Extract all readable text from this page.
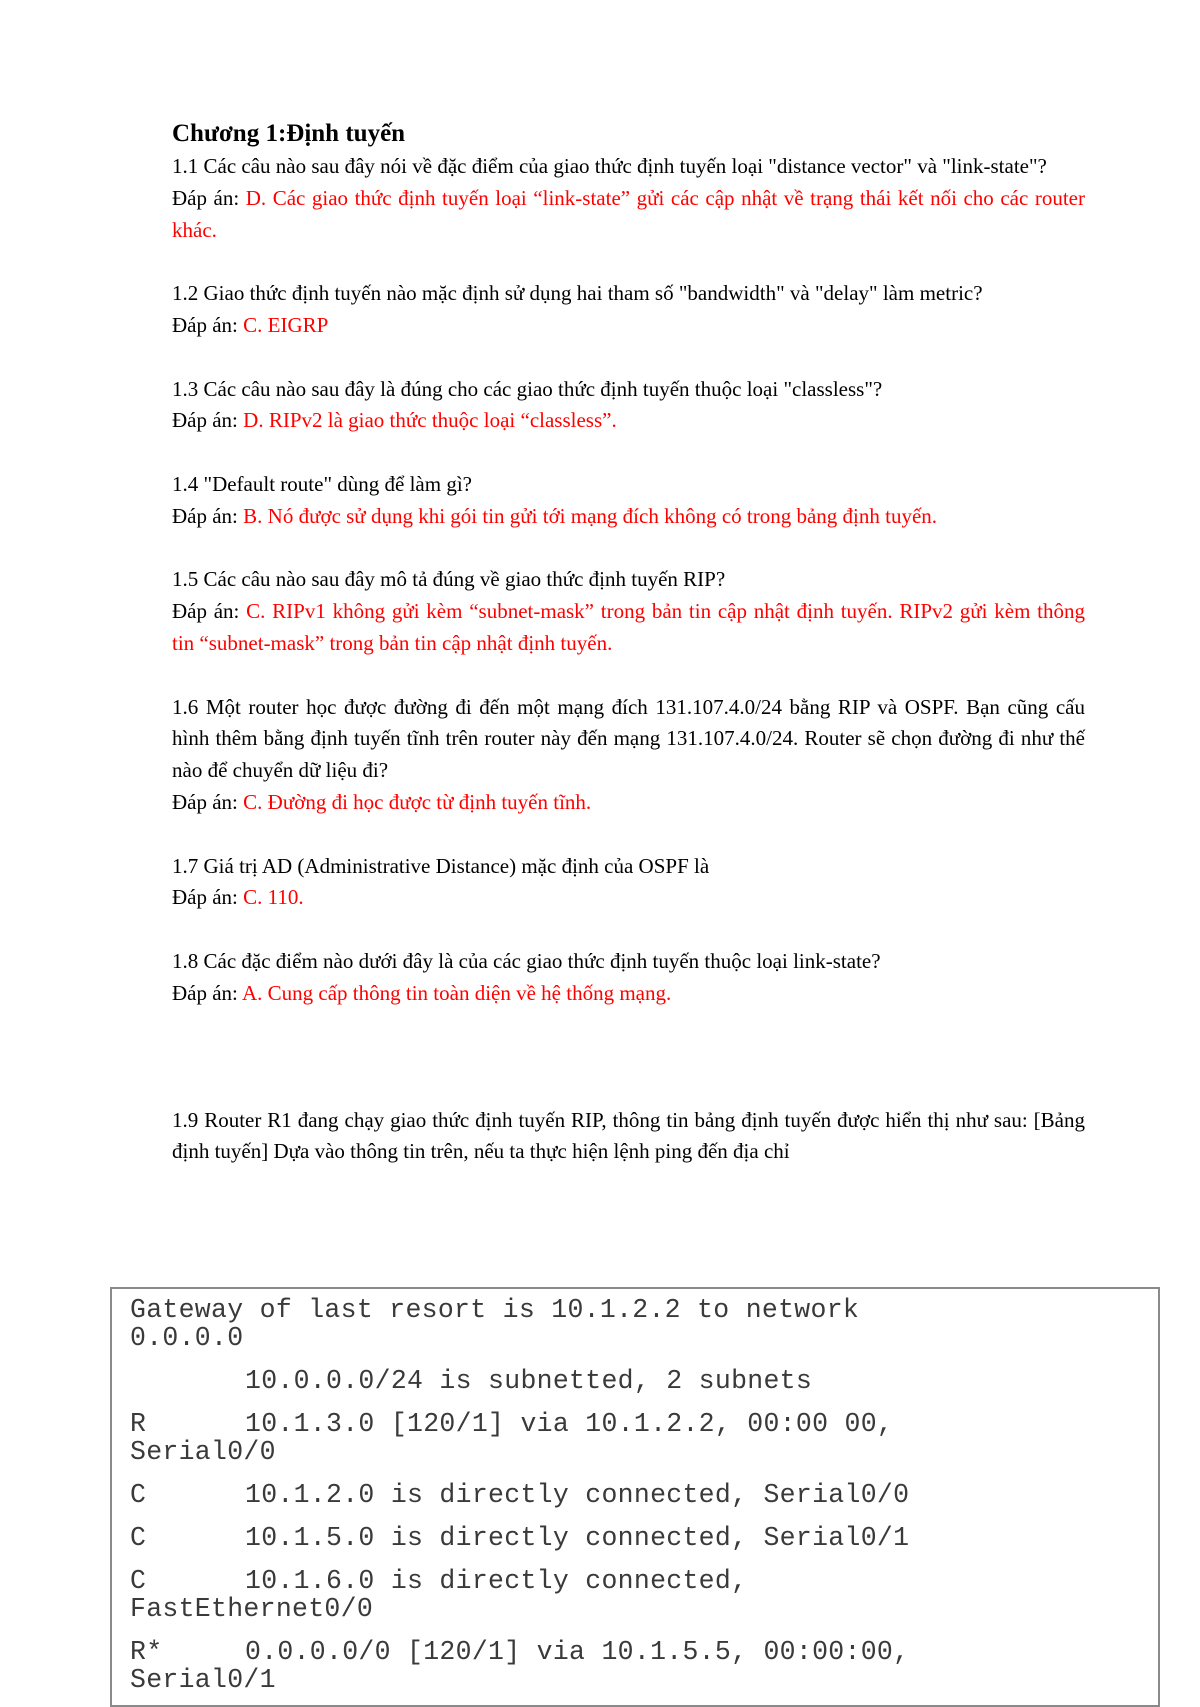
Chương 1:Định tuyến
1.1 Các câu nào sau đây nói về đặc điểm của giao thức định tuyến loại "distance vector" và "link-state"?
Đáp án: D. Các giao thức định tuyến loại “link-state” gửi các cập nhật về trạng thái kết nối cho các router khác.
1.2 Giao thức định tuyến nào mặc định sử dụng hai tham số "bandwidth" và "delay" làm metric?
Đáp án: C. EIGRP
1.3 Các câu nào sau đây là đúng cho các giao thức định tuyến thuộc loại "classless"?
Đáp án: D. RIPv2 là giao thức thuộc loại “classless”.
1.4 "Default route" dùng để làm gì?
Đáp án: B. Nó được sử dụng khi gói tin gửi tới mạng đích không có trong bảng định tuyến.
1.5 Các câu nào sau đây mô tả đúng về giao thức định tuyến RIP?
Đáp án: C. RIPv1 không gửi kèm “subnet-mask” trong bản tin cập nhật định tuyến. RIPv2 gửi kèm thông tin “subnet-mask” trong bản tin cập nhật định tuyến.
1.6 Một router học được đường đi đến một mạng đích 131.107.4.0/24 bằng RIP và OSPF. Bạn cũng cấu hình thêm bằng định tuyến tĩnh trên router này đến mạng 131.107.4.0/24. Router sẽ chọn đường đi như thế nào để chuyển dữ liệu đi?
Đáp án: C. Đường đi học được từ định tuyến tĩnh.
1.7 Giá trị AD (Administrative Distance) mặc định của OSPF là
Đáp án: C. 110.
1.8 Các đặc điểm nào dưới đây là của các giao thức định tuyến thuộc loại link-state?
Đáp án: A. Cung cấp thông tin toàn diện về hệ thống mạng.
1.9 Router R1 đang chạy giao thức định tuyến RIP, thông tin bảng định tuyến được hiển thị như sau: [Bảng định tuyến] Dựa vào thông tin trên, nếu ta thực hiện lệnh ping đến địa chỉ
Gateway of last resort is 10.1.2.2 to network
0.0.0.0
10.0.0.0/24 is subnetted, 2 subnets
R	10.1.3.0 [120/1] via 10.1.2.2, 00:00 00,
Serial0/0
C	10.1.2.0 is directly connected, Serial0/0
C	10.1.5.0 is directly connected, Serial0/1
C	10.1.6.0 is directly connected,
FastEthernet0/0
R*	0.0.0.0/0 [120/1] via 10.1.5.5, 00:00:00,
Serial0/1
